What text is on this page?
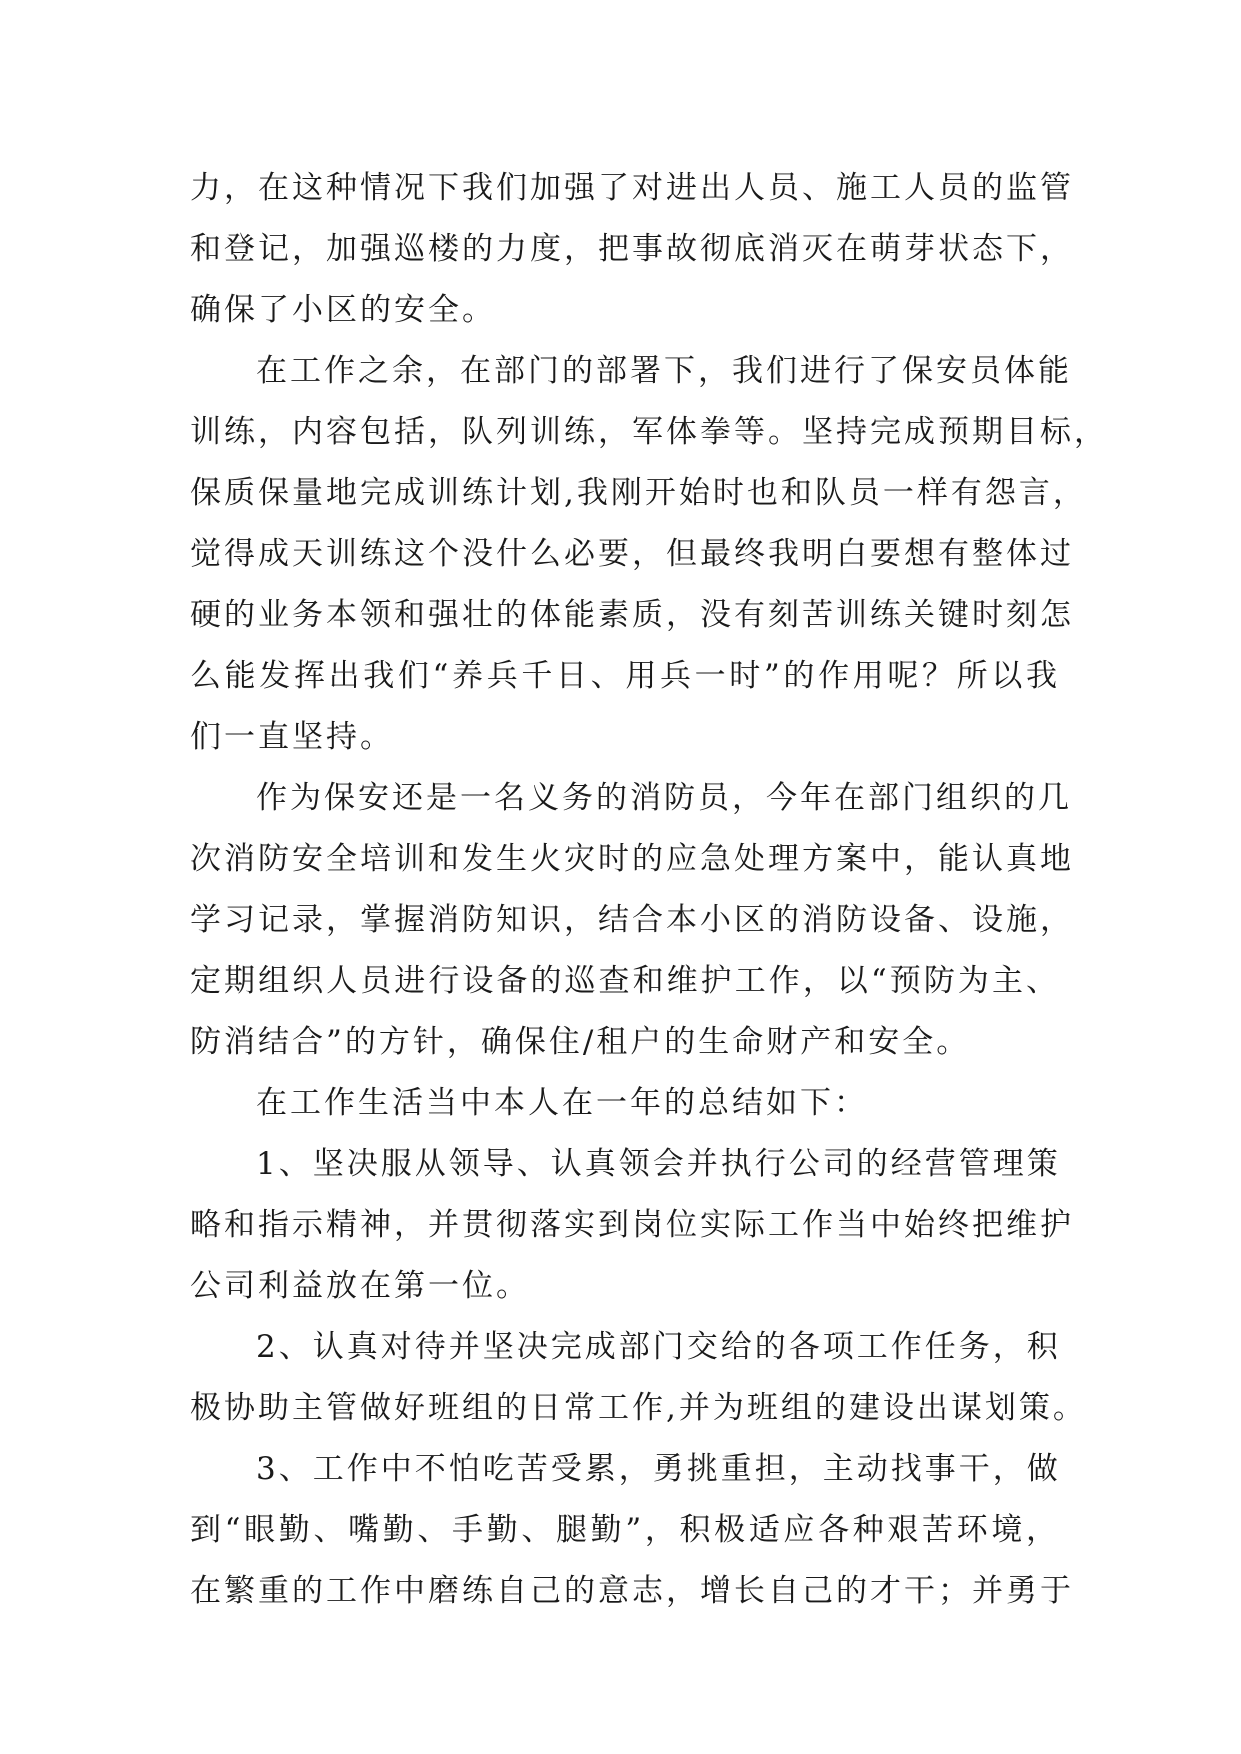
力，在这种情况下我们加强了对进出人员、施工人员的监管
和登记，加强巡楼的力度，把事故彻底消灭在萌芽状态下，
确保了小区的安全。
在工作之余，在部门的部署下，我们进行了保安员体能
训练，内容包括，队列训练，军体拳等。坚持完成预期目标，
保质保量地完成训练计划,我刚开始时也和队员一样有怨言，
觉得成天训练这个没什么必要，但最终我明白要想有整体过
硬的业务本领和强壮的体能素质，没有刻苦训练关键时刻怎
么能发挥出我们“养兵千日、用兵一时”的作用呢？所以我
们一直坚持。
作为保安还是一名义务的消防员，今年在部门组织的几
次消防安全培训和发生火灾时的应急处理方案中，能认真地
学习记录，掌握消防知识，结合本小区的消防设备、设施，
定期组织人员进行设备的巡查和维护工作，以“预防为主、
防消结合”的方针，确保住/租户的生命财产和安全。
在工作生活当中本人在一年的总结如下：
1、坚决服从领导、认真领会并执行公司的经营管理策
略和指示精神，并贯彻落实到岗位实际工作当中始终把维护
公司利益放在第一位。
2、认真对待并坚决完成部门交给的各项工作任务，积
极协助主管做好班组的日常工作,并为班组的建设出谋划策。
3、工作中不怕吃苦受累，勇挑重担，主动找事干，做
到“眼勤、嘴勤、手勤、腿勤”，积极适应各种艰苦环境，
在繁重的工作中磨练自己的意志，增长自己的才干；并勇于
